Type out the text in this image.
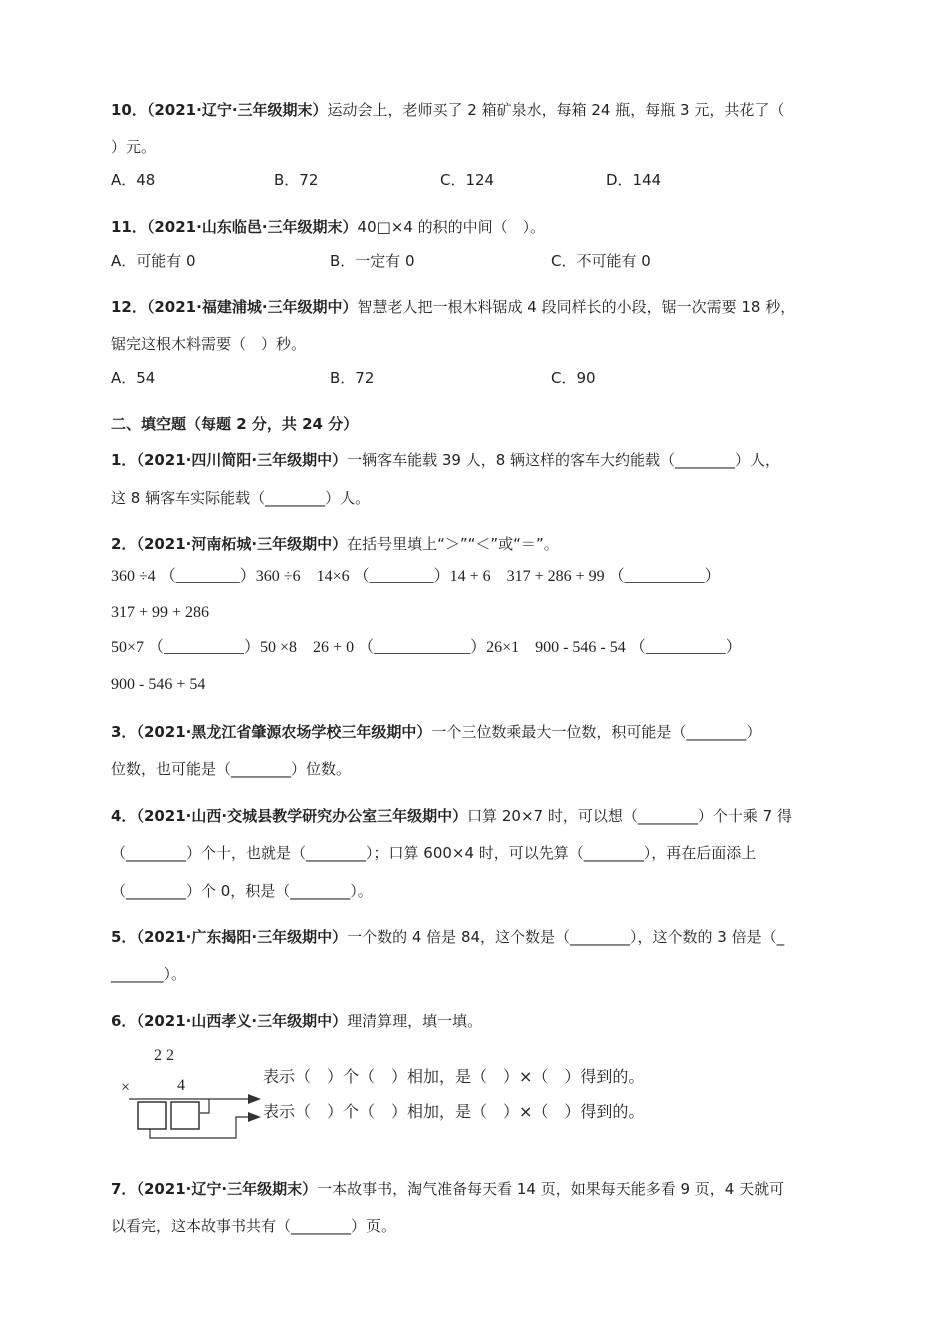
10．（2021·辽宁·三年级期末）运动会上，老师买了 2 箱矿泉水，每箱 24 瓶，每瓶 3 元，共花了（
）元。
A．48	B．72	C．124	D．144
11．（2021·山东临邑·三年级期末）40□×4 的积的中间（　）。
A．可能有 0	B．一定有 0	C．不可能有 0
12．（2021·福建浦城·三年级期中）智慧老人把一根木料锯成 4 段同样长的小段，锯一次需要 18 秒，
锯完这根木料需要（　）秒。
A．54	B．72	C．90
二、填空题（每题 2 分，共 24 分）
1．（2021·四川简阳·三年级期中）一辆客车能载 39 人，8 辆这样的客车大约能载（________）人，
这 8 辆客车实际能载（________）人。
2．（2021·河南柘城·三年级期中）在括号里填上“＞”“＜”或“＝”。
360 ÷4 （________）360 ÷6　14×6 （________）14 + 6　317 + 286 + 99 （__________）
317 + 99 + 286
50×7 （__________）50 ×8　26 + 0 （____________）26×1　900 - 546 - 54 （__________）
900 - 546 + 54
3．（2021·黑龙江省肇源农场学校三年级期中）一个三位数乘最大一位数，积可能是（________）
位数，也可能是（________）位数。
4．（2021·山西·交城县教学研究办公室三年级期中）口算 20×7 时，可以想（________）个十乘 7 得
（________）个十，也就是（________）；口算 600×4 时，可以先算（________），再在后面添上
（________）个 0，积是（________）。
5．（2021·广东揭阳·三年级期中）一个数的 4 倍是 84，这个数是（________），这个数的 3 倍是（_
_______）。
6．（2021·山西孝义·三年级期中）理清算理，填一填。
2 2
×	4	表示（　）个（　）相加，是（　）×（　）得到的。
表示（　）个（　）相加，是（　）×（　）得到的。
7．（2021·辽宁·三年级期末）一本故事书，淘气准备每天看 14 页，如果每天能多看 9 页，4 天就可
以看完，这本故事书共有（________）页。
